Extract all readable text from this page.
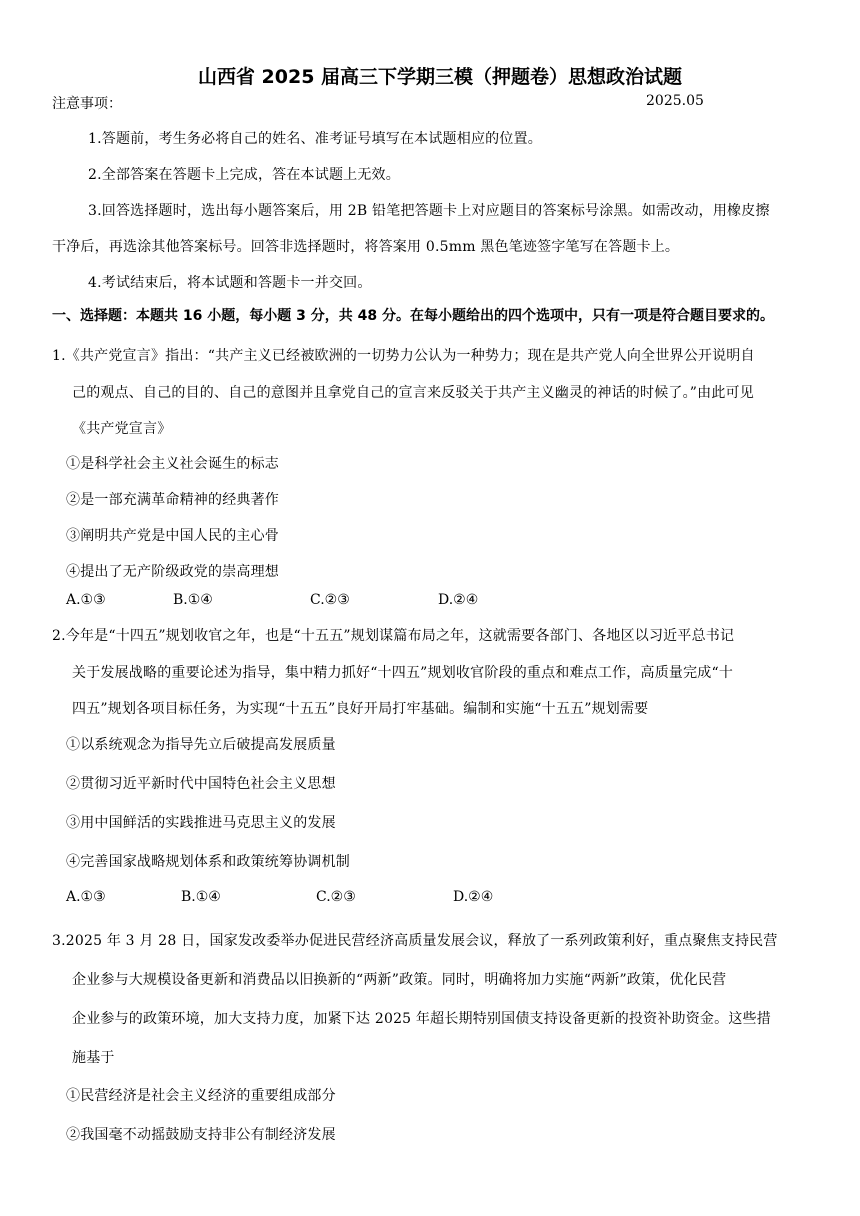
山西省 2025 届高三下学期三模（押题卷）思想政治试题
注意事项：	2025.05
1.答题前，考生务必将自己的姓名、准考证号填写在本试题相应的位置。
2.全部答案在答题卡上完成，答在本试题上无效。
3.回答选择题时，选出每小题答案后，用 2B 铅笔把答题卡上对应题目的答案标号涂黑。如需改动，用橡皮擦
干净后，再选涂其他答案标号。回答非选择题时，将答案用 0.5mm 黑色笔迹签字笔写在答题卡上。
4.考试结束后，将本试题和答题卡一并交回。
一、选择题：本题共 16 小题，每小题 3 分，共 48 分。在每小题给出的四个选项中，只有一项是符合题目要求的。
1.《共产党宣言》指出：“共产主义已经被欧洲的一切势力公认为一种势力；现在是共产党人向全世界公开说明自
己的观点、自己的目的、自己的意图并且拿党自己的宣言来反驳关于共产主义幽灵的神话的时候了。”由此可见
《共产党宣言》
①是科学社会主义社会诞生的标志
②是一部充满革命精神的经典著作
③阐明共产党是中国人民的主心骨
④提出了无产阶级政党的崇高理想
A.①③	B.①④	C.②③	D.②④
2.今年是“十四五”规划收官之年，也是“十五五”规划谋篇布局之年，这就需要各部门、各地区以习近平总书记
关于发展战略的重要论述为指导，集中精力抓好“十四五”规划收官阶段的重点和难点工作，高质量完成“十
四五”规划各项目标任务，为实现“十五五”良好开局打牢基础。编制和实施“十五五”规划需要
①以系统观念为指导先立后破提高发展质量
②贯彻习近平新时代中国特色社会主义思想
③用中国鲜活的实践推进马克思主义的发展
④完善国家战略规划体系和政策统筹协调机制
A.①③	B.①④	C.②③	D.②④
3.2025 年 3 月 28 日，国家发改委举办促进民营经济高质量发展会议，释放了一系列政策利好，重点聚焦支持民营
企业参与大规模设备更新和消费品以旧换新的“两新”政策。同时，明确将加力实施“两新”政策，优化民营
企业参与的政策环境，加大支持力度，加紧下达 2025 年超长期特别国债支持设备更新的投资补助资金。这些措
施基于
①民营经济是社会主义经济的重要组成部分
②我国毫不动摇鼓励支持非公有制经济发展
